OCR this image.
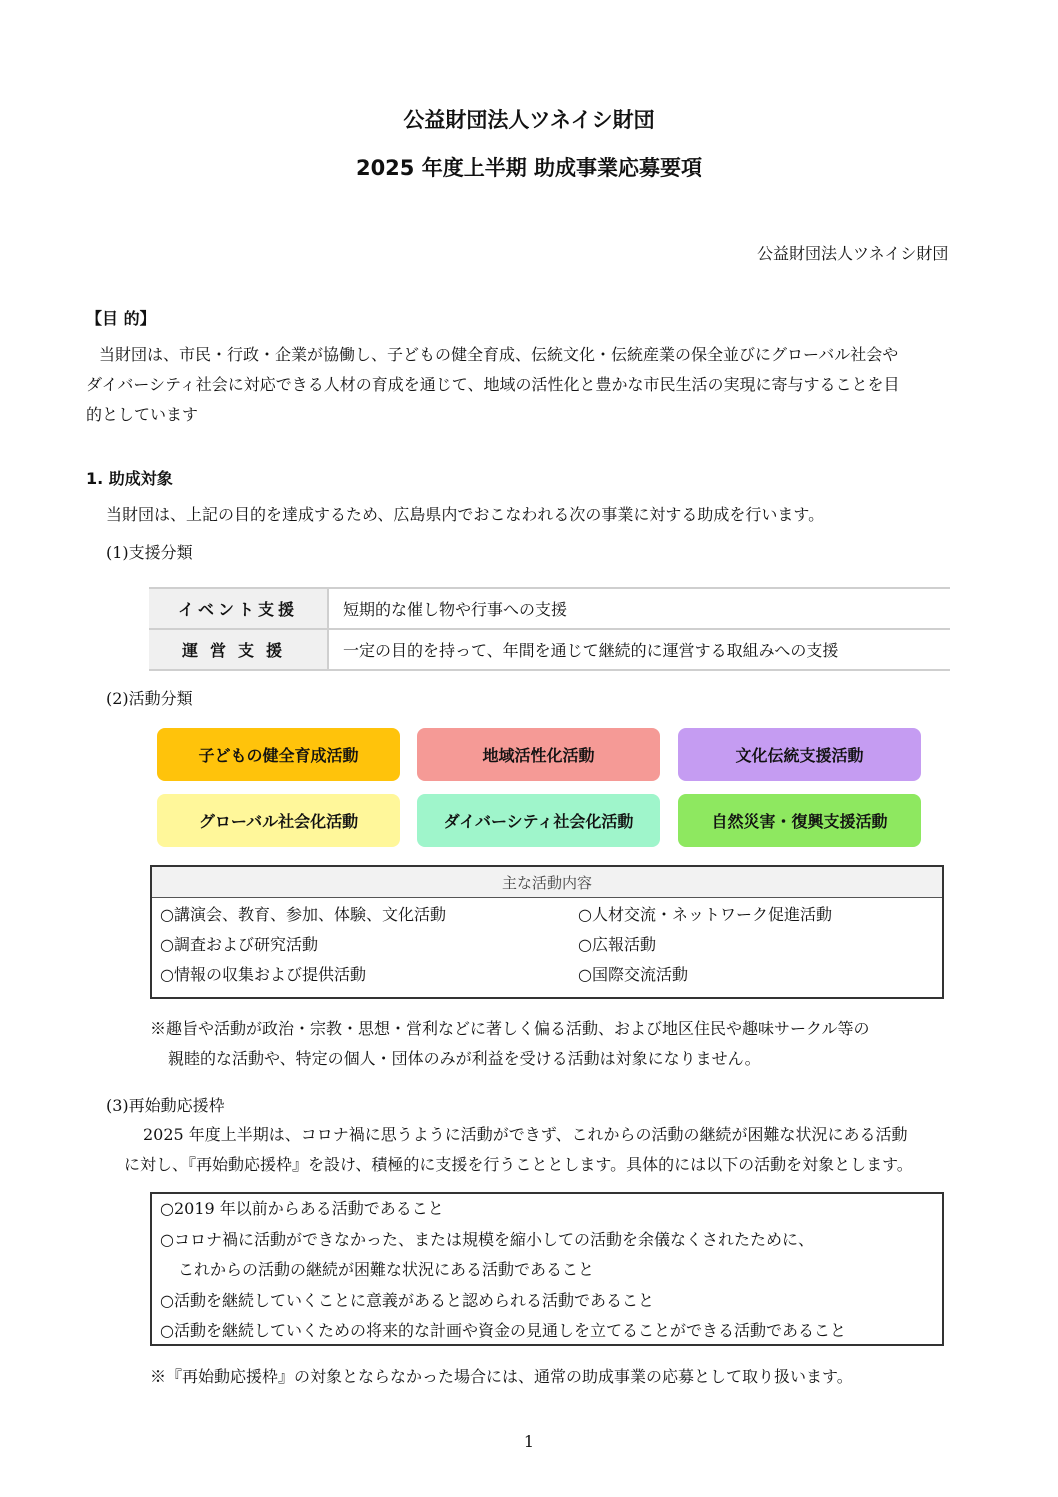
公益財団法人ツネイシ財団
2025 年度上半期 助成事業応募要項
公益財団法人ツネイシ財団
【目 的】
当財団は、市民・行政・企業が協働し、子どもの健全育成、伝統文化・伝統産業の保全並びにグローバル社会や
ダイバーシティ社会に対応できる人材の育成を通じて、地域の活性化と豊かな市民生活の実現に寄与することを目
的としています
1. 助成対象
当財団は、上記の目的を達成するため、広島県内でおこなわれる次の事業に対する助成を行います。
(1)支援分類
イベント支援	短期的な催し物や行事への支援
運営支援	一定の目的を持って、年間を通じて継続的に運営する取組みへの支援
(2)活動分類
子どもの健全育成活動	地域活性化活動	文化伝統支援活動
グローバル社会化活動	ダイバーシティ社会化活動	自然災害・復興支援活動
主な活動内容
○講演会、教育、参加、体験、文化活動	○人材交流・ネットワーク促進活動
○調査および研究活動	○広報活動
○情報の収集および提供活動	○国際交流活動
※趣旨や活動が政治・宗教・思想・営利などに著しく偏る活動、および地区住民や趣味サークル等の
親睦的な活動や、特定の個人・団体のみが利益を受ける活動は対象になりません。
(3)再始動応援枠
2025 年度上半期は、コロナ禍に思うように活動ができず、これからの活動の継続が困難な状況にある活動
に対し、『再始動応援枠』を設け、積極的に支援を行うこととします。具体的には以下の活動を対象とします。
○2019 年以前からある活動であること
○コロナ禍に活動ができなかった、または規模を縮小しての活動を余儀なくされたために、
これからの活動の継続が困難な状況にある活動であること
○活動を継続していくことに意義があると認められる活動であること
○活動を継続していくための将来的な計画や資金の見通しを立てることができる活動であること
※『再始動応援枠』の対象とならなかった場合には、通常の助成事業の応募として取り扱います。
1
